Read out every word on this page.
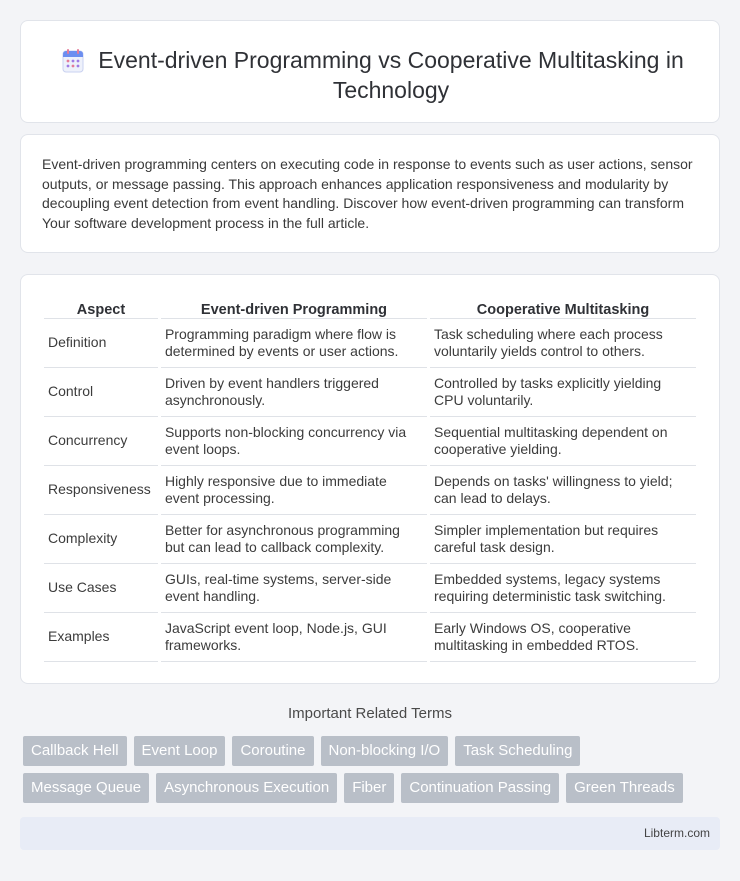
Event-driven Programming vs Cooperative Multitasking in Technology

Event-driven programming centers on executing code in response to events such as user actions, sensor outputs, or message passing. This approach enhances application responsiveness and modularity by decoupling event detection from event handling. Discover how event-driven programming can transform Your software development process in the full article.

Aspect	Event-driven Programming	Cooperative Multitasking
Definition	Programming paradigm where flow is determined by events or user actions.	Task scheduling where each process voluntarily yields control to others.
Control	Driven by event handlers triggered asynchronously.	Controlled by tasks explicitly yielding CPU voluntarily.
Concurrency	Supports non-blocking concurrency via event loops.	Sequential multitasking dependent on cooperative yielding.
Responsiveness	Highly responsive due to immediate event processing.	Depends on tasks' willingness to yield; can lead to delays.
Complexity	Better for asynchronous programming but can lead to callback complexity.	Simpler implementation but requires careful task design.
Use Cases	GUIs, real-time systems, server-side event handling.	Embedded systems, legacy systems requiring deterministic task switching.
Examples	JavaScript event loop, Node.js, GUI frameworks.	Early Windows OS, cooperative multitasking in embedded RTOS.
Important Related Terms
Callback Hell	Event Loop	Coroutine	Non-blocking I/O	Task Scheduling
Message Queue	Asynchronous Execution	Fiber	Continuation Passing	Green Threads
Libterm.com
